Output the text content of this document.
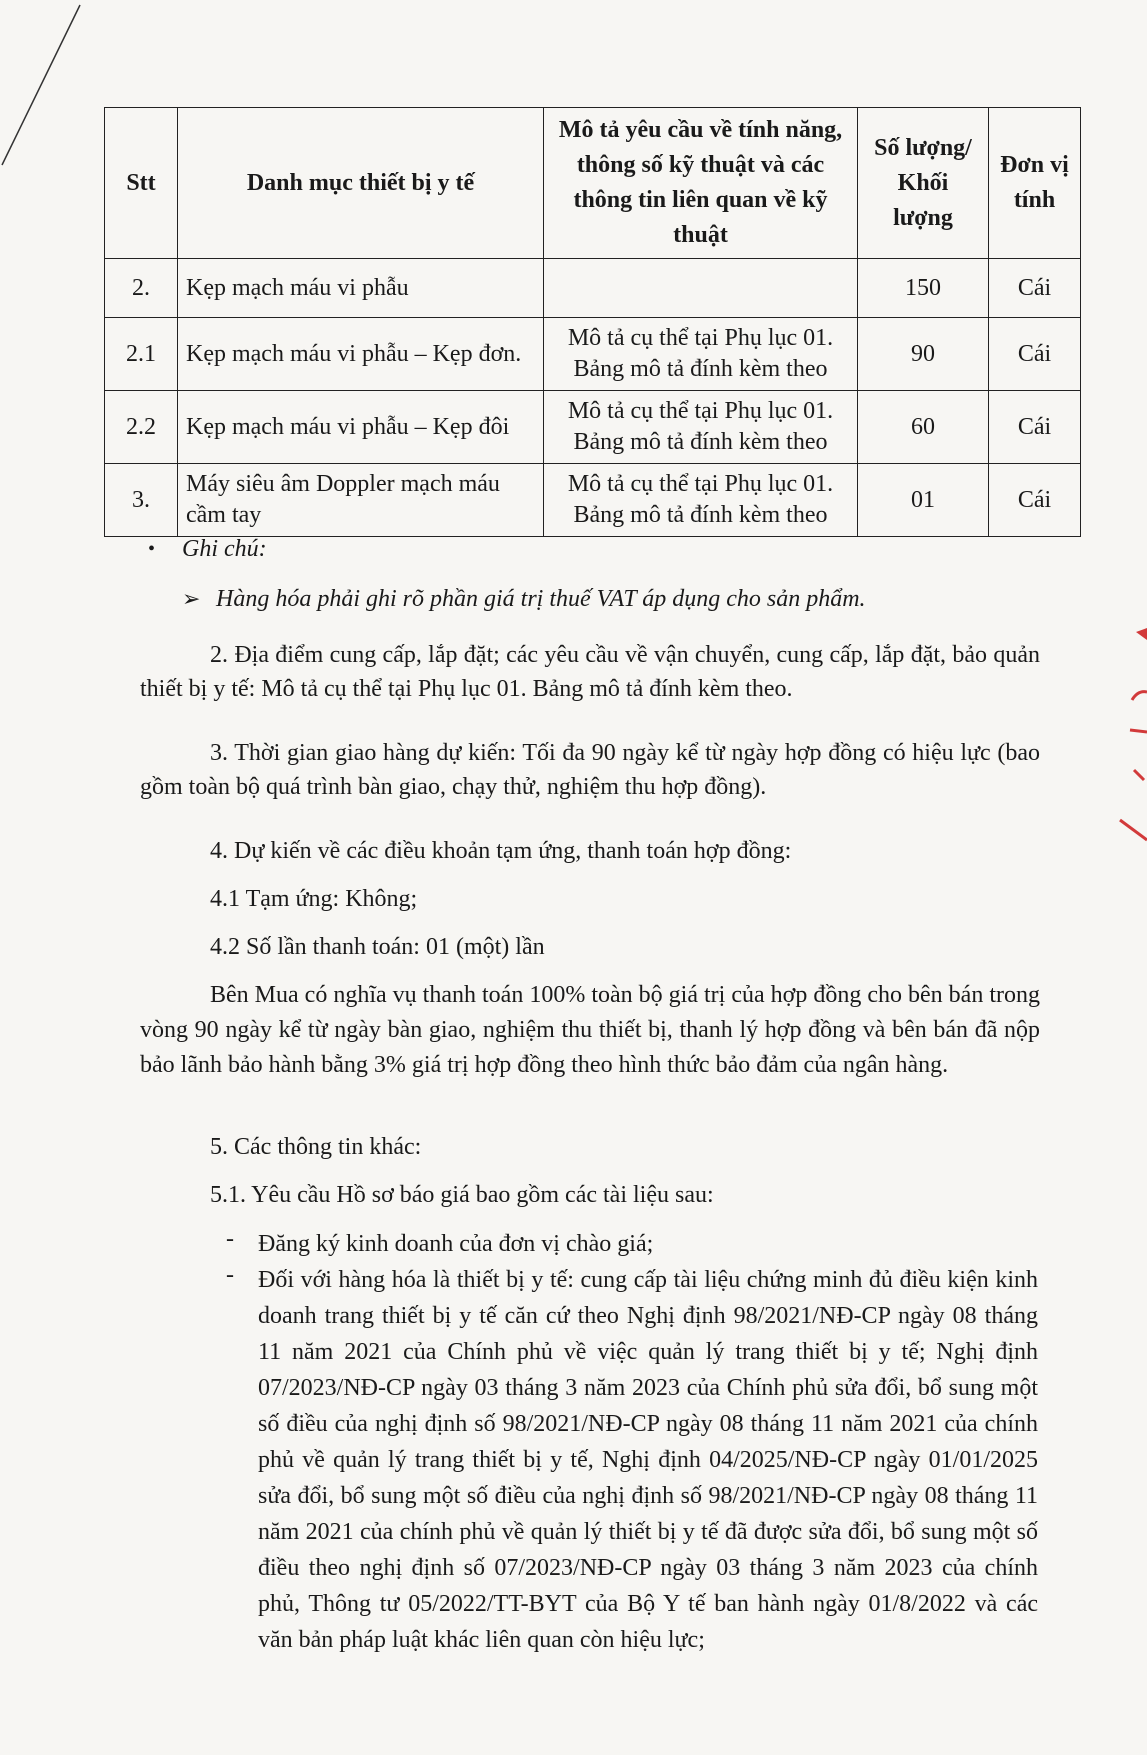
Stt	Danh mục thiết bị y tế	Mô tả yêu cầu về tính năng, thông số kỹ thuật và các thông tin liên quan về kỹ thuật	Số lượng/ Khối lượng	Đơn vị tính
2.	Kẹp mạch máu vi phẫu		150	Cái
2.1	Kẹp mạch máu vi phẫu – Kẹp đơn.	Mô tả cụ thể tại Phụ lục 01. Bảng mô tả đính kèm theo	90	Cái
2.2	Kẹp mạch máu vi phẫu – Kẹp đôi	Mô tả cụ thể tại Phụ lục 01. Bảng mô tả đính kèm theo	60	Cái
3.	Máy siêu âm Doppler mạch máu cầm tay	Mô tả cụ thể tại Phụ lục 01. Bảng mô tả đính kèm theo	01	Cái
• Ghi chú:
➢ Hàng hóa phải ghi rõ phần giá trị thuế VAT áp dụng cho sản phẩm.
2. Địa điểm cung cấp, lắp đặt; các yêu cầu về vận chuyển, cung cấp, lắp đặt, bảo quản thiết bị y tế: Mô tả cụ thể tại Phụ lục 01. Bảng mô tả đính kèm theo.
3. Thời gian giao hàng dự kiến: Tối đa 90 ngày kể từ ngày hợp đồng có hiệu lực (bao gồm toàn bộ quá trình bàn giao, chạy thử, nghiệm thu hợp đồng).
4. Dự kiến về các điều khoản tạm ứng, thanh toán hợp đồng:
4.1 Tạm ứng: Không;
4.2 Số lần thanh toán: 01 (một) lần
Bên Mua có nghĩa vụ thanh toán 100% toàn bộ giá trị của hợp đồng cho bên bán trong vòng 90 ngày kể từ ngày bàn giao, nghiệm thu thiết bị, thanh lý hợp đồng và bên bán đã nộp bảo lãnh bảo hành bằng 3% giá trị hợp đồng theo hình thức bảo đảm của ngân hàng.
5. Các thông tin khác:
5.1. Yêu cầu Hồ sơ báo giá bao gồm các tài liệu sau:
- Đăng ký kinh doanh của đơn vị chào giá;
- Đối với hàng hóa là thiết bị y tế: cung cấp tài liệu chứng minh đủ điều kiện kinh doanh trang thiết bị y tế căn cứ theo Nghị định 98/2021/NĐ-CP ngày 08 tháng 11 năm 2021 của Chính phủ về việc quản lý trang thiết bị y tế; Nghị định 07/2023/NĐ-CP ngày 03 tháng 3 năm 2023 của Chính phủ sửa đổi, bổ sung một số điều của nghị định số 98/2021/NĐ-CP ngày 08 tháng 11 năm 2021 của chính phủ về quản lý trang thiết bị y tế, Nghị định 04/2025/NĐ-CP ngày 01/01/2025 sửa đổi, bổ sung một số điều của nghị định số 98/2021/NĐ-CP ngày 08 tháng 11 năm 2021 của chính phủ về quản lý thiết bị y tế đã được sửa đổi, bổ sung một số điều theo nghị định số 07/2023/NĐ-CP ngày 03 tháng 3 năm 2023 của chính phủ, Thông tư 05/2022/TT-BYT của Bộ Y tế ban hành ngày 01/8/2022 và các văn bản pháp luật khác liên quan còn hiệu lực;
